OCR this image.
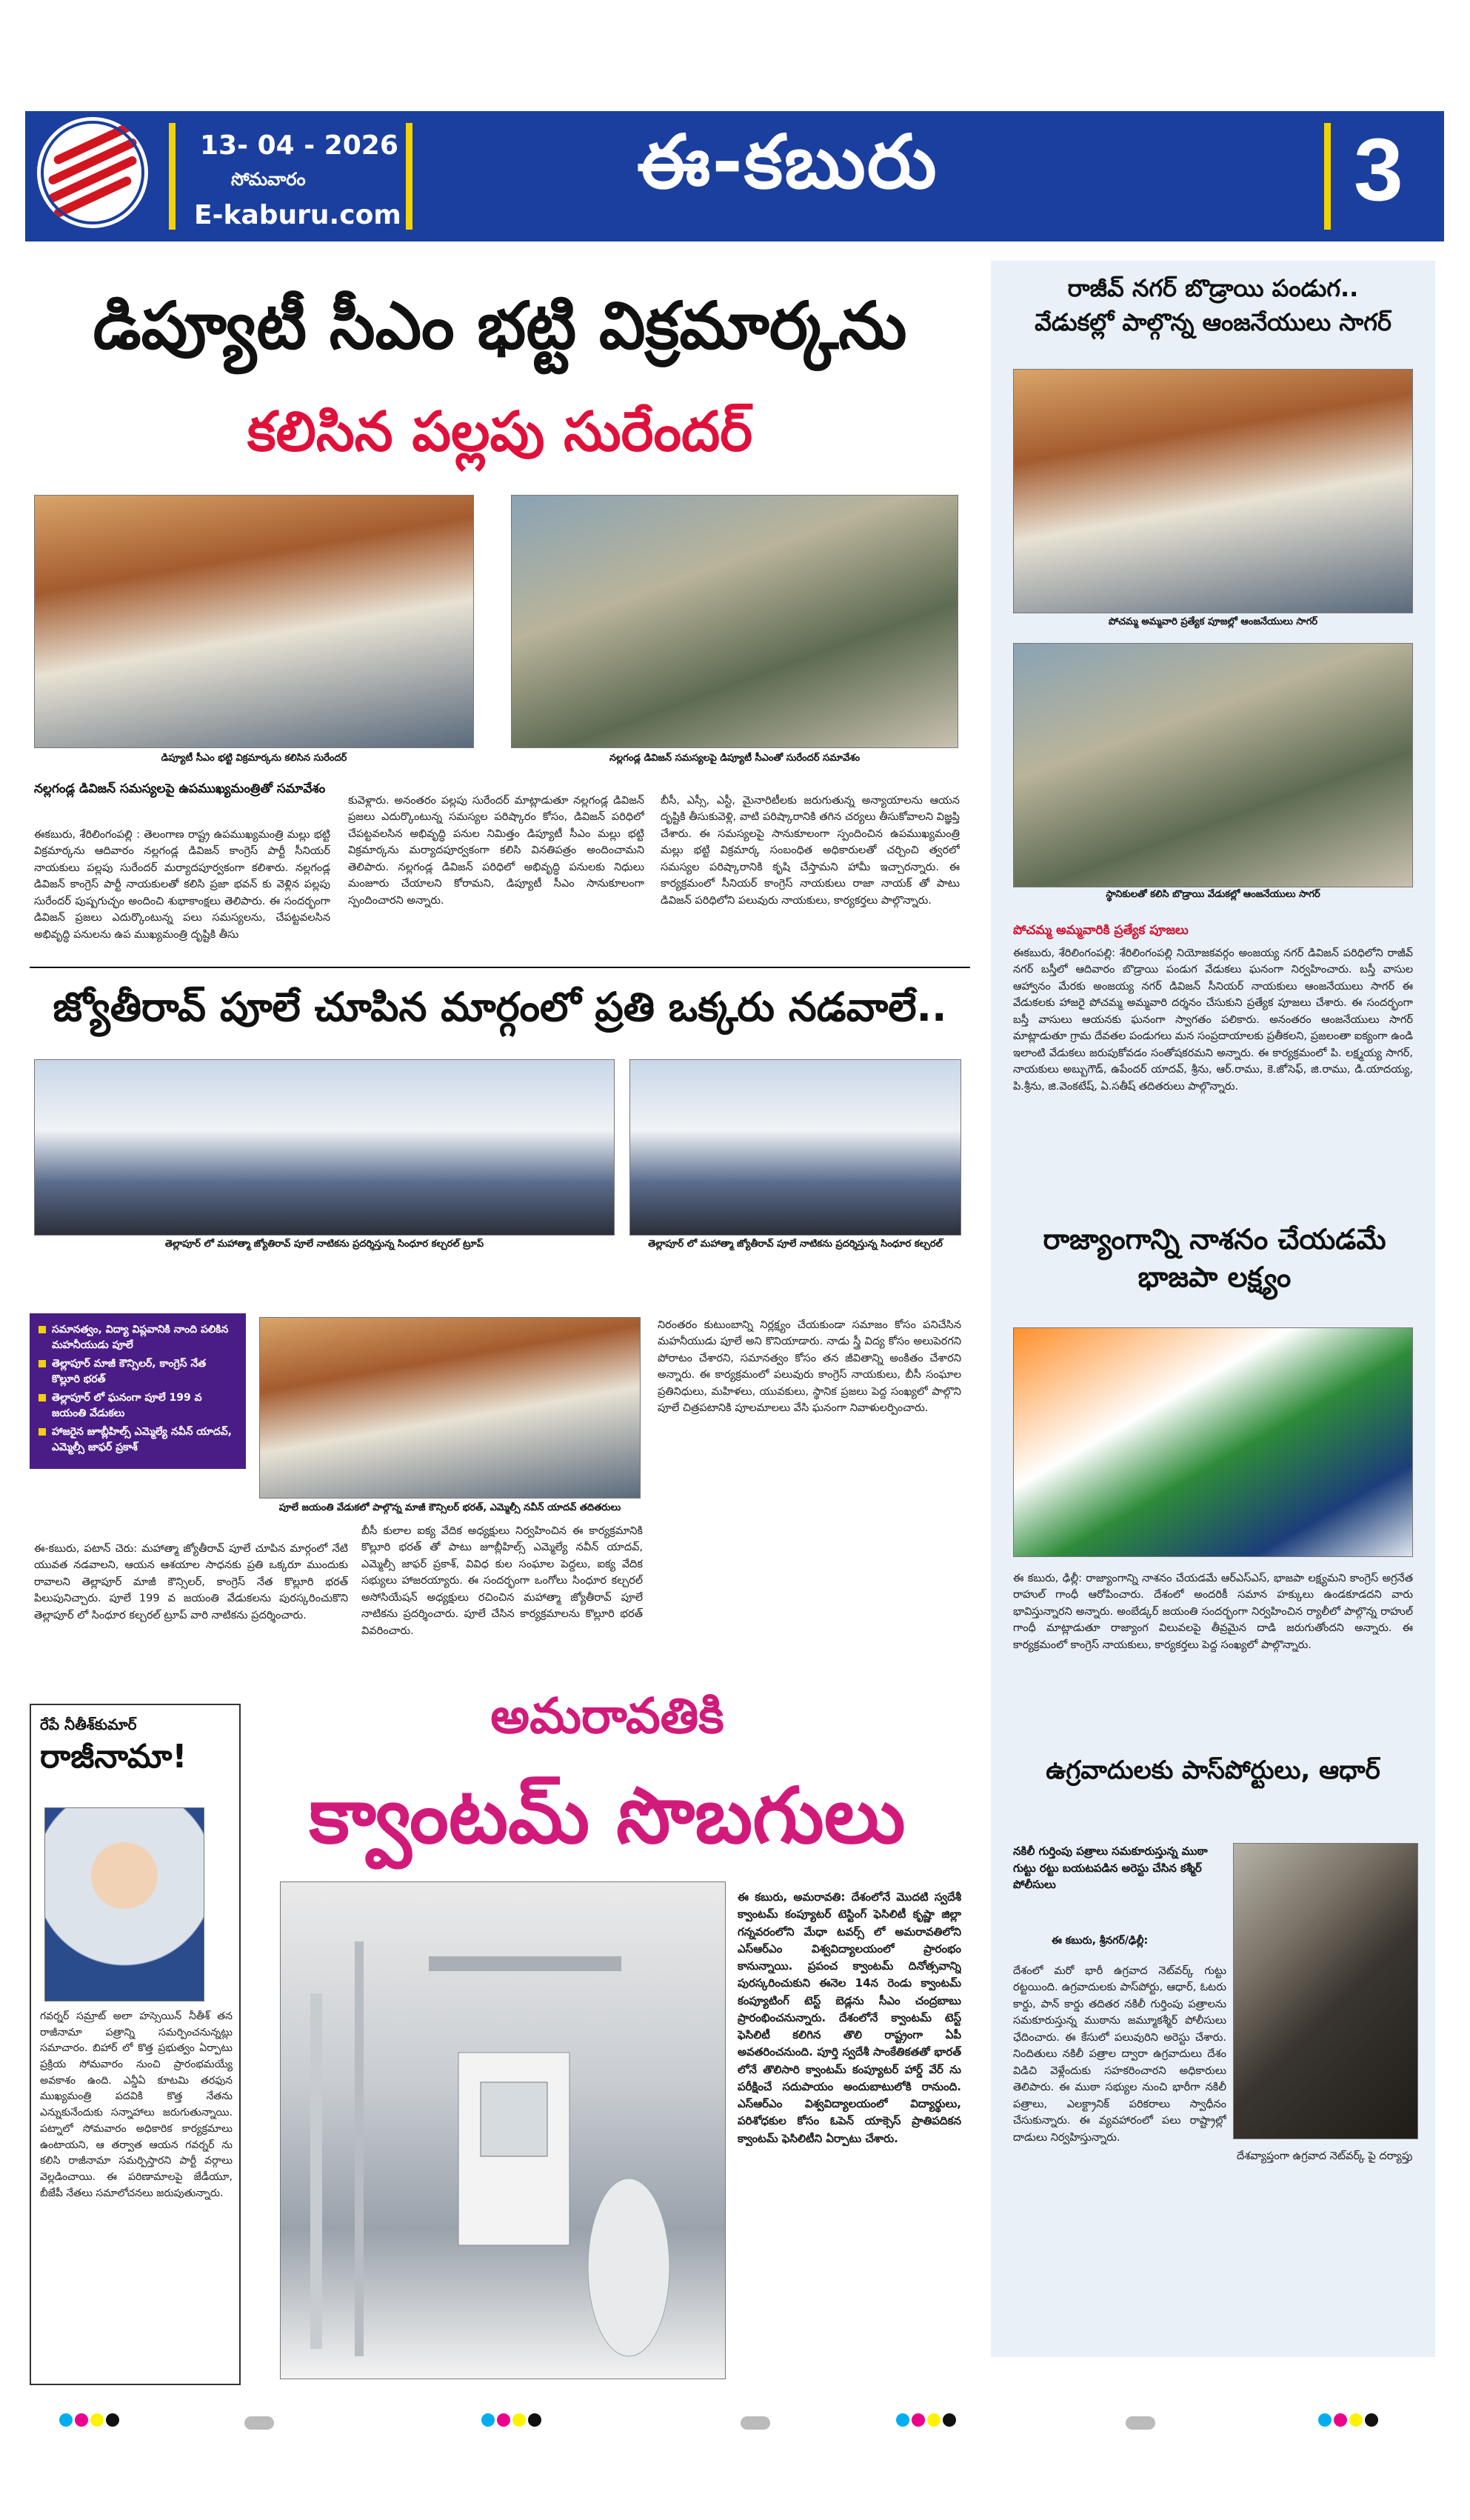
13- 04 - 2026
సోమవారం
E-kaburu.com
ఈ-కబురు	3
డిప్యూటీ సీఎం భట్టి విక్రమార్కను
కలిసిన పల్లపు సురేందర్
డిప్యూటీ సీఎం భట్టి విక్రమార్కను కలిసిన సురేందర్	నల్లగండ్ల డివిజన్ సమస్యలపై డిప్యూటీ సీఎంతో సురేందర్ సమావేశం
నల్లగండ్ల డివిజన్ సమస్యలపై ఉపముఖ్యమంత్రితో సమావేశం
ఈకబురు, శేరిలింగంపల్లి : తెలంగాణ రాష్ట్ర ఉపముఖ్యమంత్రి మల్లు భట్టి విక్రమార్కను ఆదివారం నల్లగండ్ల డివిజన్ కాంగ్రెస్ పార్టీ సీనియర్ నాయకులు పల్లపు సురేందర్ మర్యాదపూర్వకంగా కలిశారు. నల్లగండ్ల డివిజన్ కాంగ్రెస్ పార్టీ నాయకులతో కలిసి ప్రజా భవన్ కు వెళ్లిన పల్లపు సురేందర్ పుష్పగుచ్ఛం అందించి శుభాకాంక్షలు తెలిపారు. ఈ సందర్భంగా డివిజన్ ప్రజలు ఎదుర్కొంటున్న పలు సమస్యలను, చేపట్టవలసిన అభివృద్ధి పనులను ఉప ముఖ్యమంత్రి దృష్టికి తీసు
కువెళ్లారు. అనంతరం పల్లపు సురేందర్ మాట్లాడుతూ నల్లగండ్ల డివిజన్ ప్రజలు ఎదుర్కొంటున్న సమస్యల పరిష్కారం కోసం, డివిజన్ పరిధిలో చేపట్టవలసిన అభివృద్ధి పనుల నిమిత్తం డిప్యూటీ సీఎం మల్లు భట్టి విక్రమార్కను మర్యాదపూర్వకంగా కలిసి వినతిపత్రం అందించామని తెలిపారు. నల్లగండ్ల డివిజన్ పరిధిలో అభివృద్ధి పనులకు నిధులు మంజూరు చేయాలని కోరామని, డిప్యూటీ సీఎం సానుకూలంగా స్పందించారని అన్నారు.
బీసీ, ఎస్సీ, ఎస్టీ, మైనారిటీలకు జరుగుతున్న అన్యాయాలను ఆయన దృష్టికి తీసుకువెళ్లి, వాటి పరిష్కారానికి తగిన చర్యలు తీసుకోవాలని విజ్ఞప్తి చేశారు. ఈ సమస్యలపై సానుకూలంగా స్పందించిన ఉపముఖ్యమంత్రి మల్లు భట్టి విక్రమార్క సంబంధిత అధికారులతో చర్చించి త్వరలో సమస్యల పరిష్కారానికి కృషి చేస్తామని హామీ ఇచ్చారన్నారు. ఈ కార్యక్రమంలో సీనియర్ కాంగ్రెస్ నాయకులు రాజా నాయక్ తో పాటు డివిజన్ పరిధిలోని పలువురు నాయకులు, కార్యకర్తలు పాల్గొన్నారు.
జ్యోతీరావ్ పూలే చూపిన మార్గంలో ప్రతి ఒక్కరు నడవాలే..
తెల్లాపూర్ లో మహాత్మా జ్యోతిరావ్ పూలే నాటికను ప్రదర్శిస్తున్న సింధూర కల్చరల్ ట్రూప్	తెల్లాపూర్ లో మహాత్మా జ్యోతీరావ్ పూలే నాటికను ప్రదర్శిస్తున్న సింధూర కల్చరల్
సమానత్వం, విద్యా విప్లవానికి నాంది పలికిన మహనీయుడు పూలే
తెల్లాపూర్ మాజీ కౌన్సిలర్, కాంగ్రెస్ నేత కొల్లూరి భరత్
తెల్లాపూర్ లో ఘనంగా పూలే 199 వ జయంతి వేడుకలు
హాజరైన జూబ్లీహిల్స్ ఎమ్మెల్యే నవీన్ యాదవ్, ఎమ్మెల్సీ జాఫర్ ప్రకాశ్
పూలే జయంతి వేడుకలో పాల్గొన్న మాజీ కౌన్సిలర్ భరత్, ఎమ్మెల్సీ నవీన్ యాదవ్ తదితరులు
ఈ-కబురు, పటాన్ చెరు: మహాత్మా జ్యోతీరావ్ పూలే చూపిన మార్గంలో నేటి యువత నడవాలని, ఆయన ఆశయాల సాధనకు ప్రతి ఒక్కరూ ముందుకు రావాలని తెల్లాపూర్ మాజీ కౌన్సిలర్, కాంగ్రెస్ నేత కొల్లూరి భరత్ పిలుపునిచ్చారు. పూలే 199 వ జయంతి వేడుకలను పురస్కరించుకొని తెల్లాపూర్ లో సింధూర కల్చరల్ ట్రూప్ వారి నాటికను ప్రదర్శించారు.
బీసీ కులాల ఐక్య వేదిక అధ్యక్షులు నిర్వహించిన ఈ కార్యక్రమానికి కొల్లూరి భరత్ తో పాటు జూబ్లీహిల్స్ ఎమ్మెల్యే నవీన్ యాదవ్, ఎమ్మెల్సీ జాఫర్ ప్రకాశ్, వివిధ కుల సంఘాల పెద్దలు, ఐక్య వేదిక సభ్యులు హాజరయ్యారు. ఈ సందర్భంగా ఒంగోలు సింధూర కల్చరల్ అసోసియేషన్ అధ్యక్షులు రచించిన మహాత్మా జ్యోతీరావ్ పూలే నాటికను ప్రదర్శించారు. పూలే చేసిన కార్యక్రమాలను కొల్లూరి భరత్ వివరించారు.
నిరంతరం కుటుంబాన్ని నిర్లక్ష్యం చేయకుండా సమాజం కోసం పనిచేసిన మహనీయుడు పూలే అని కొనియాడారు. నాడు స్త్రీ విద్య కోసం అలుపెరగని పోరాటం చేశారని, సమానత్వం కోసం తన జీవితాన్ని అంకితం చేశారని అన్నారు. ఈ కార్యక్రమంలో పలువురు కాంగ్రెస్ నాయకులు, బీసీ సంఘాల ప్రతినిధులు, మహిళలు, యువకులు, స్థానిక ప్రజలు పెద్ద సంఖ్యలో పాల్గొని పూలే చిత్రపటానికి పూలమాలలు వేసి ఘనంగా నివాళులర్పించారు.
రేపే నీతీశ్‌కుమార్
రాజీనామా!
గవర్నర్ సమ్రాట్ అలా హస్సెయిన్ నీతీశ్ తన రాజీనామా పత్రాన్ని సమర్పించనున్నట్లు సమాచారం. బిహార్ లో కొత్త ప్రభుత్వం ఏర్పాటు ప్రక్రియ సోమవారం నుంచి ప్రారంభమయ్యే అవకాశం ఉంది. ఎన్డీఏ కూటమి తరఫున ముఖ్యమంత్రి పదవికి కొత్త నేతను ఎన్నుకునేందుకు సన్నాహాలు జరుగుతున్నాయి. పట్నాలో సోమవారం అధికారిక కార్యక్రమాలు ఉంటాయని, ఆ తర్వాత ఆయన గవర్నర్ ను కలిసి రాజీనామా సమర్పిస్తారని పార్టీ వర్గాలు వెల్లడించాయి. ఈ పరిణామాలపై జేడీయూ, బీజేపీ నేతలు సమాలోచనలు జరుపుతున్నారు.
అమరావతికి
క్వాంటమ్ సొబగులు
ఈ కబురు, అమరావతి: దేశంలోనే మొదటి స్వదేశీ క్వాంటమ్ కంప్యూటర్ టెస్టింగ్ ఫెసిలిటీ కృష్ణా జిల్లా గన్నవరంలోని మేధా టవర్స్ లో అమరావతిలోని ఎస్ఆర్ఎం విశ్వవిద్యాలయంలో ప్రారంభం కానున్నాయి. ప్రపంచ క్వాంటమ్ దినోత్సవాన్ని పురస్కరించుకుని ఈనెల 14న రెండు క్వాంటమ్ కంప్యూటింగ్ టెస్ట్ బెడ్లను సీఎం చంద్రబాబు ప్రారంభించనున్నారు. దేశంలోనే క్వాంటమ్ టెస్ట్ ఫెసిలిటీ కలిగిన తొలి రాష్ట్రంగా ఏపీ అవతరించనుంది. పూర్తి స్వదేశీ సాంకేతికతతో భారత్ లోనే తొలిసారి క్వాంటమ్ కంప్యూటర్ హార్డ్ వేర్ ను పరీక్షించే సదుపాయం అందుబాటులోకి రానుంది. ఎస్ఆర్ఎం విశ్వవిద్యాలయంలో విద్యార్థులు, పరిశోధకుల కోసం ఓపెన్ యాక్సెస్ ప్రాతిపదికన క్వాంటమ్ ఫెసిలిటీని ఏర్పాటు చేశారు.
రాజీవ్ నగర్ బొడ్రాయి పండుగ..
వేడుకల్లో పాల్గొన్న ఆంజనేయులు సాగర్
పోచమ్మ అమ్మవారి ప్రత్యేక పూజల్లో ఆంజనేయులు సాగర్
స్థానికులతో కలిసి బొడ్రాయి వేడుకల్లో ఆంజనేయులు సాగర్
పోచమ్మ అమ్మవారికి ప్రత్యేక పూజలు
ఈకబురు, శేరిలింగంపల్లి: శేరిలింగంపల్లి నియోజకవర్గం అంజయ్య నగర్ డివిజన్ పరిధిలోని రాజీవ్ నగర్ బస్తీలో ఆదివారం బొడ్రాయి పండుగ వేడుకలు ఘనంగా నిర్వహించారు. బస్తీ వాసుల ఆహ్వానం మేరకు అంజయ్య నగర్ డివిజన్ సీనియర్ నాయకులు ఆంజనేయులు సాగర్ ఈ వేడుకలకు హాజరై పోచమ్మ అమ్మవారి దర్శనం చేసుకుని ప్రత్యేక పూజలు చేశారు. ఈ సందర్భంగా బస్తీ వాసులు ఆయనకు ఘనంగా స్వాగతం పలికారు. అనంతరం ఆంజనేయులు సాగర్ మాట్లాడుతూ గ్రామ దేవతల పండుగలు మన సంప్రదాయాలకు ప్రతీకలని, ప్రజలంతా ఐక్యంగా ఉండి ఇలాంటి వేడుకలు జరుపుకోవడం సంతోషకరమని అన్నారు. ఈ కార్యక్రమంలో పి. లక్ష్మయ్య సాగర్, నాయకులు అబ్బుగౌడ్, ఉపేందర్ యాదవ్, శ్రీను, ఆర్.రాము, కె.జోసెఫ్, జి.రాము, డి.యాదయ్య, పి.శ్రీను, జి.వెంకటేష్, ఏ.సతీష్ తదితరులు పాల్గొన్నారు.
రాజ్యాంగాన్ని నాశనం చేయడమే భాజపా లక్ష్యం
ఈ కబురు, ఢిల్లీ: రాజ్యాంగాన్ని నాశనం చేయడమే ఆర్ఎస్ఎస్, భాజపా లక్ష్యమని కాంగ్రెస్ అగ్రనేత రాహుల్ గాంధీ ఆరోపించారు. దేశంలో అందరికీ సమాన హక్కులు ఉండకూడదని వారు భావిస్తున్నారని అన్నారు. అంబేడ్కర్ జయంతి సందర్భంగా నిర్వహించిన ర్యాలీలో పాల్గొన్న రాహుల్ గాంధీ మాట్లాడుతూ రాజ్యాంగ విలువలపై తీవ్రమైన దాడి జరుగుతోందని అన్నారు. ఈ కార్యక్రమంలో కాంగ్రెస్ నాయకులు, కార్యకర్తలు పెద్ద సంఖ్యలో పాల్గొన్నారు.
ఉగ్రవాదులకు పాస్‌పోర్టులు, ఆధార్
నకిలీ గుర్తింపు పత్రాలు సమకూరుస్తున్న ముఠా గుట్టు రట్టు బయటపడిన అరెస్టు చేసిన కశ్మీర్ పోలీసులు
ఈ కబురు, శ్రీనగర్/ఢిల్లీ:
దేశంలో మరో భారీ ఉగ్రవాద నెట్‌వర్క్ గుట్టు రట్టయింది. ఉగ్రవాదులకు పాస్‌పోర్టు, ఆధార్, ఓటరు కార్డు, పాన్ కార్డు తదితర నకిలీ గుర్తింపు పత్రాలను సమకూరుస్తున్న ముఠాను జమ్మూకశ్మీర్ పోలీసులు ఛేదించారు. ఈ కేసులో పలువురిని అరెస్టు చేశారు. నిందితులు నకిలీ పత్రాల ద్వారా ఉగ్రవాదులు దేశం విడిచి వెళ్లేందుకు సహకరించారని అధికారులు తెలిపారు. ఈ ముఠా సభ్యుల నుంచి భారీగా నకిలీ పత్రాలు, ఎలక్ట్రానిక్ పరికరాలు స్వాధీనం చేసుకున్నారు. ఈ వ్యవహారంలో పలు రాష్ట్రాల్లో దాడులు నిర్వహిస్తున్నారు.
దేశవ్యాప్తంగా ఉగ్రవాద నెట్‌వర్క్ పై దర్యాప్తు
